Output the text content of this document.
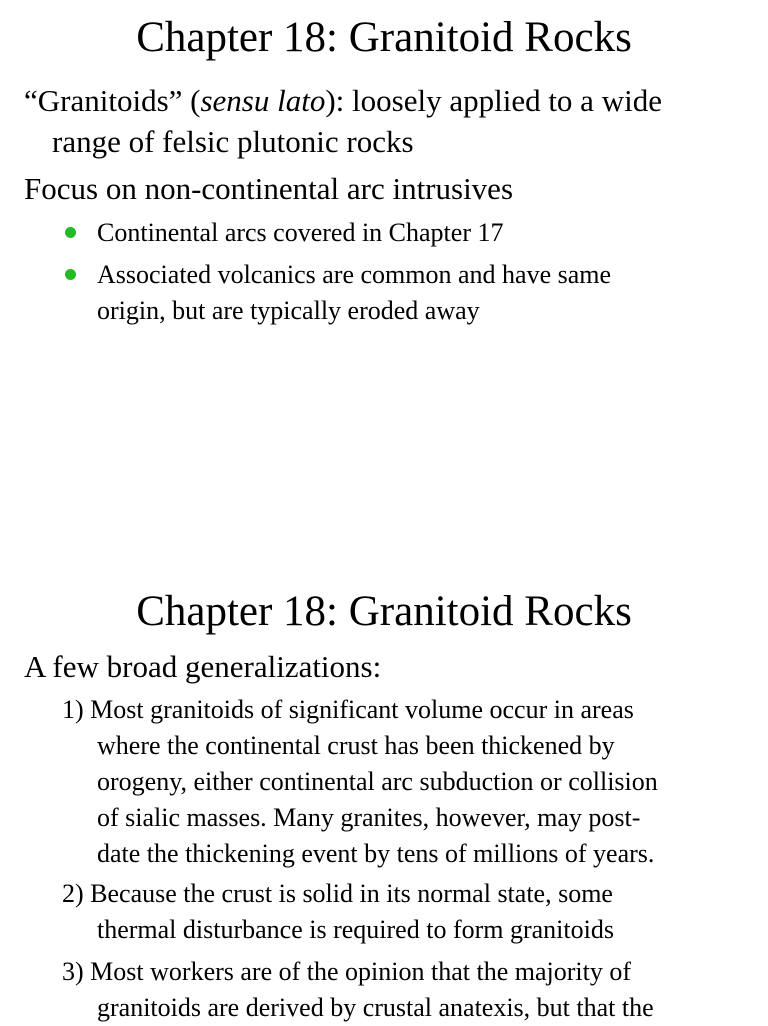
Chapter 18: Granitoid Rocks
“Granitoids” (sensu lato): loosely applied to a wide
range of felsic plutonic rocks
Focus on non-continental arc intrusives

Continental arcs covered in Chapter 17

Associated volcanics are common and have same
origin, but are typically eroded away

Chapter 18: Granitoid Rocks
A few broad generalizations:

1) Most granitoids of significant volume occur in areas
where the continental crust has been thickened by
orogeny, either continental arc subduction or collision
of sialic masses. Many granites, however, may post-
date the thickening event by tens of millions of years.

2) Because the crust is solid in its normal state, some
thermal disturbance is required to form granitoids

3) Most workers are of the opinion that the majority of
granitoids are derived by crustal anatexis, but that the
